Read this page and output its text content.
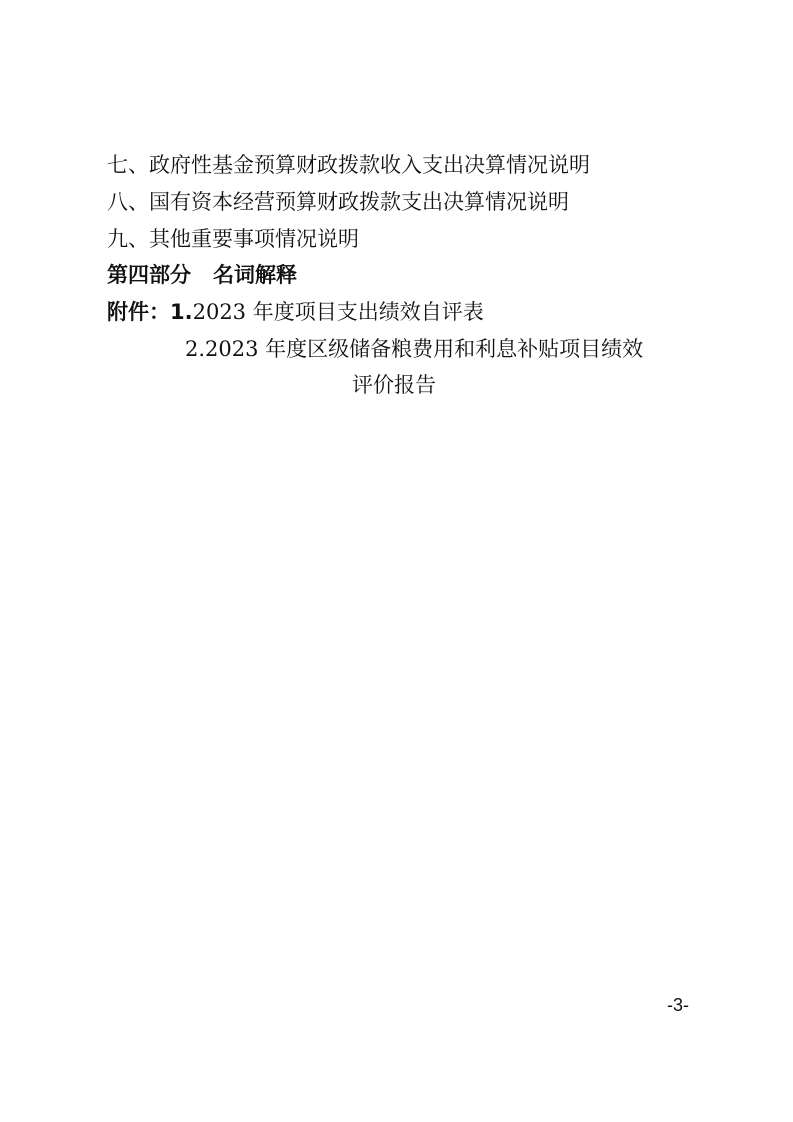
七、政府性基金预算财政拨款收入支出决算情况说明
八、国有资本经营预算财政拨款支出决算情况说明
九、其他重要事项情况说明
第四部分 名词解释
附件：1.2023 年度项目支出绩效自评表
2.2023 年度区级储备粮费用和利息补贴项目绩效
评价报告
-3-
